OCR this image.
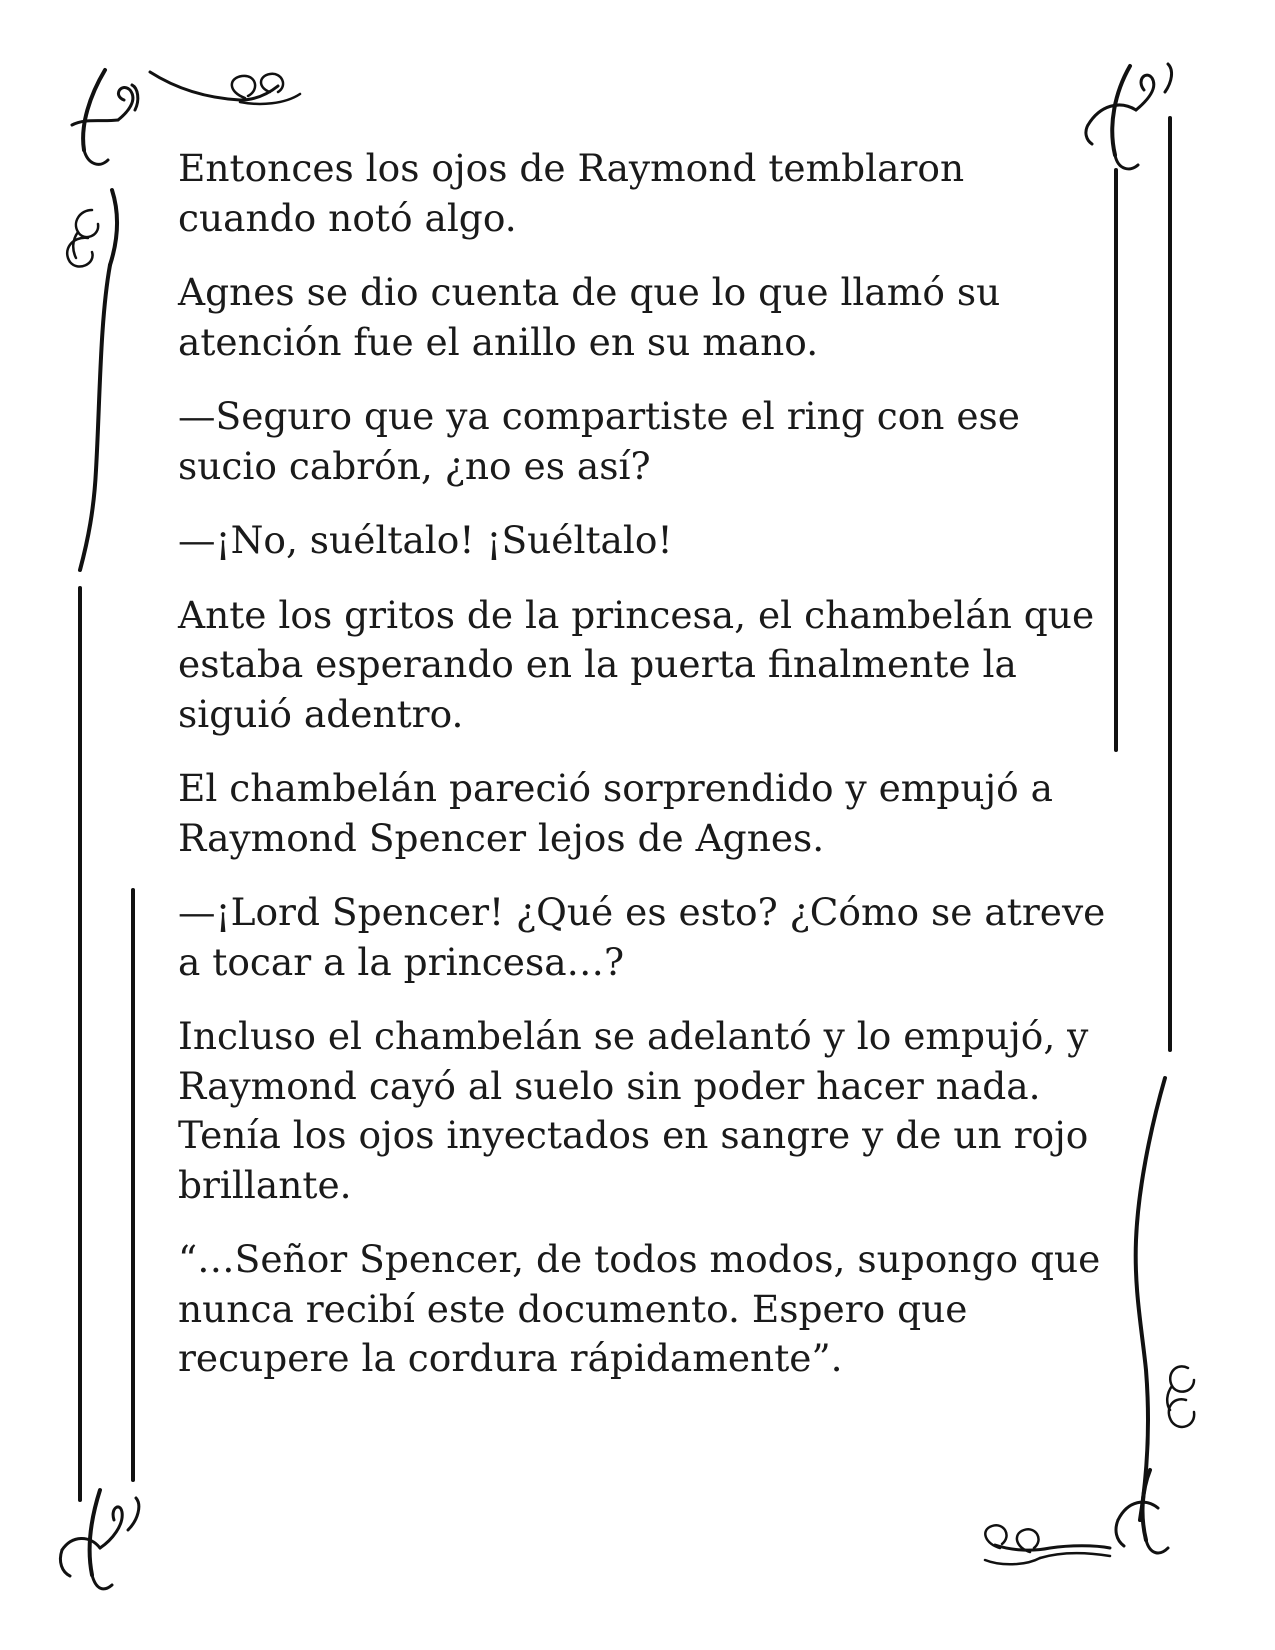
Entonces los ojos de Raymond temblaron
cuando notó algo.

Agnes se dio cuenta de que lo que llamó su
atención fue el anillo en su mano.

—Seguro que ya compartiste el ring con ese
sucio cabrón, ¿no es así?

—¡No, suéltalo! ¡Suéltalo!

Ante los gritos de la princesa, el chambelán que
estaba esperando en la puerta finalmente la
siguió adentro.

El chambelán pareció sorprendido y empujó a
Raymond Spencer lejos de Agnes.

—¡Lord Spencer! ¿Qué es esto? ¿Cómo se atreve
a tocar a la princesa…?

Incluso el chambelán se adelantó y lo empujó, y
Raymond cayó al suelo sin poder hacer nada.
Tenía los ojos inyectados en sangre y de un rojo
brillante.

“…Señor Spencer, de todos modos, supongo que
nunca recibí este documento. Espero que
recupere la cordura rápidamente”.
